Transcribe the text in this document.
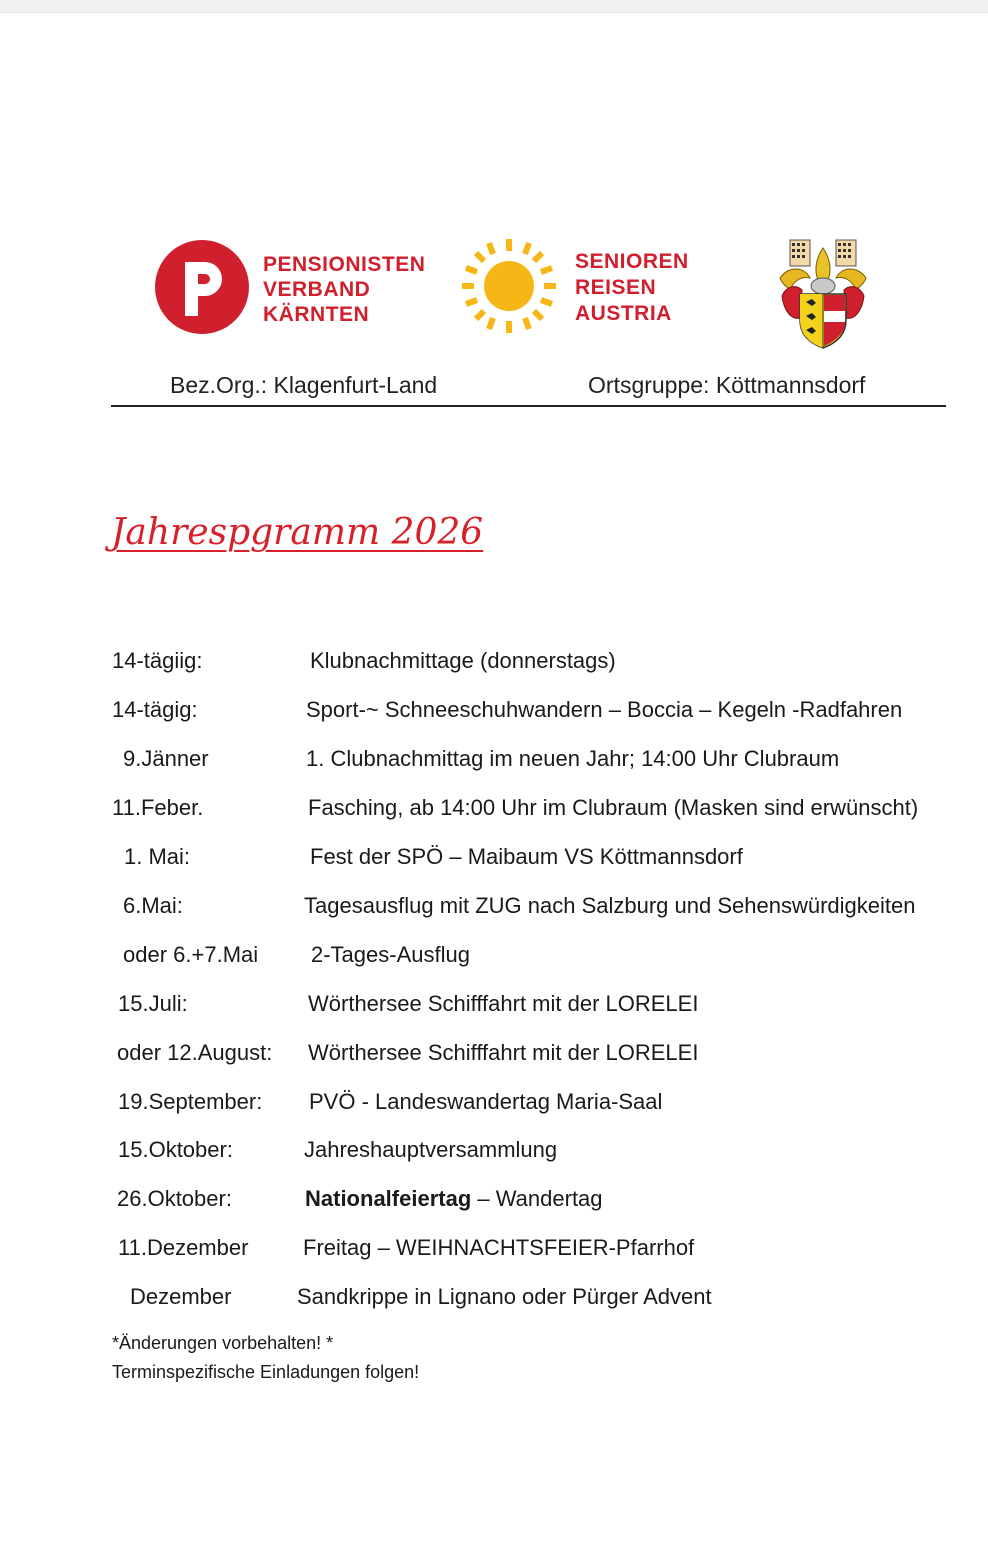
PENSIONISTEN
VERBAND
KÄRNTEN
SENIOREN
REISEN
AUSTRIA
Bez.Org.: Klagenfurt-Land	Ortsgruppe: Köttmannsdorf
Jahrespgramm 2026
14-tägiig:	Klubnachmittage (donnerstags)
14-tägig:	Sport-~ Schneeschuhwandern – Boccia – Kegeln -Radfahren
9.Jänner	1. Clubnachmittag im neuen Jahr; 14:00 Uhr Clubraum
11.Feber.	Fasching, ab 14:00 Uhr im Clubraum (Masken sind erwünscht)
1. Mai:	Fest der SPÖ – Maibaum VS Köttmannsdorf
6.Mai:	Tagesausflug mit ZUG nach Salzburg und Sehenswürdigkeiten
oder 6.+7.Mai 2-Tages-Ausflug
15.Juli:	Wörthersee Schifffahrt mit der LORELEI
oder 12.August: Wörthersee Schifffahrt mit der LORELEI
19.September: PVÖ - Landeswandertag Maria-Saal
15.Oktober:	Jahreshauptversammlung
26.Oktober:	Nationalfeiertag – Wandertag
11.Dezember Freitag – WEIHNACHTSFEIER-Pfarrhof
Dezember	Sandkrippe in Lignano oder Pürger Advent
*Änderungen vorbehalten! *
Terminspezifische Einladungen folgen!
